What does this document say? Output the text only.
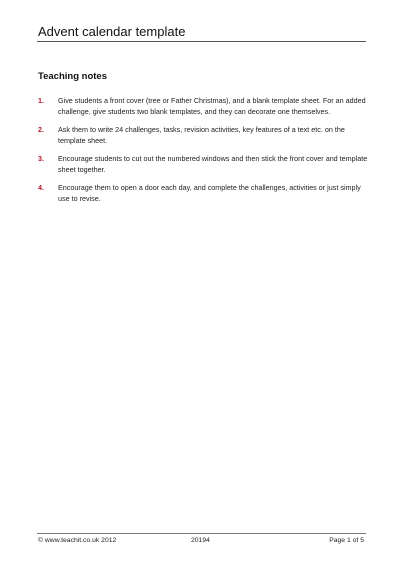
Advent calendar template
Teaching notes
1. Give students a front cover (tree or Father Christmas), and a blank template sheet. For an added challenge, give students two blank templates, and they can decorate one themselves.
2. Ask them to write 24 challenges, tasks, revision activities, key features of a text etc. on the template sheet.
3. Encourage students to cut out the numbered windows and then stick the front cover and template sheet together.
4. Encourage them to open a door each day, and complete the challenges, activities or just simply use to revise.
© www.teachit.co.uk 2012	20194	Page 1 of 5
